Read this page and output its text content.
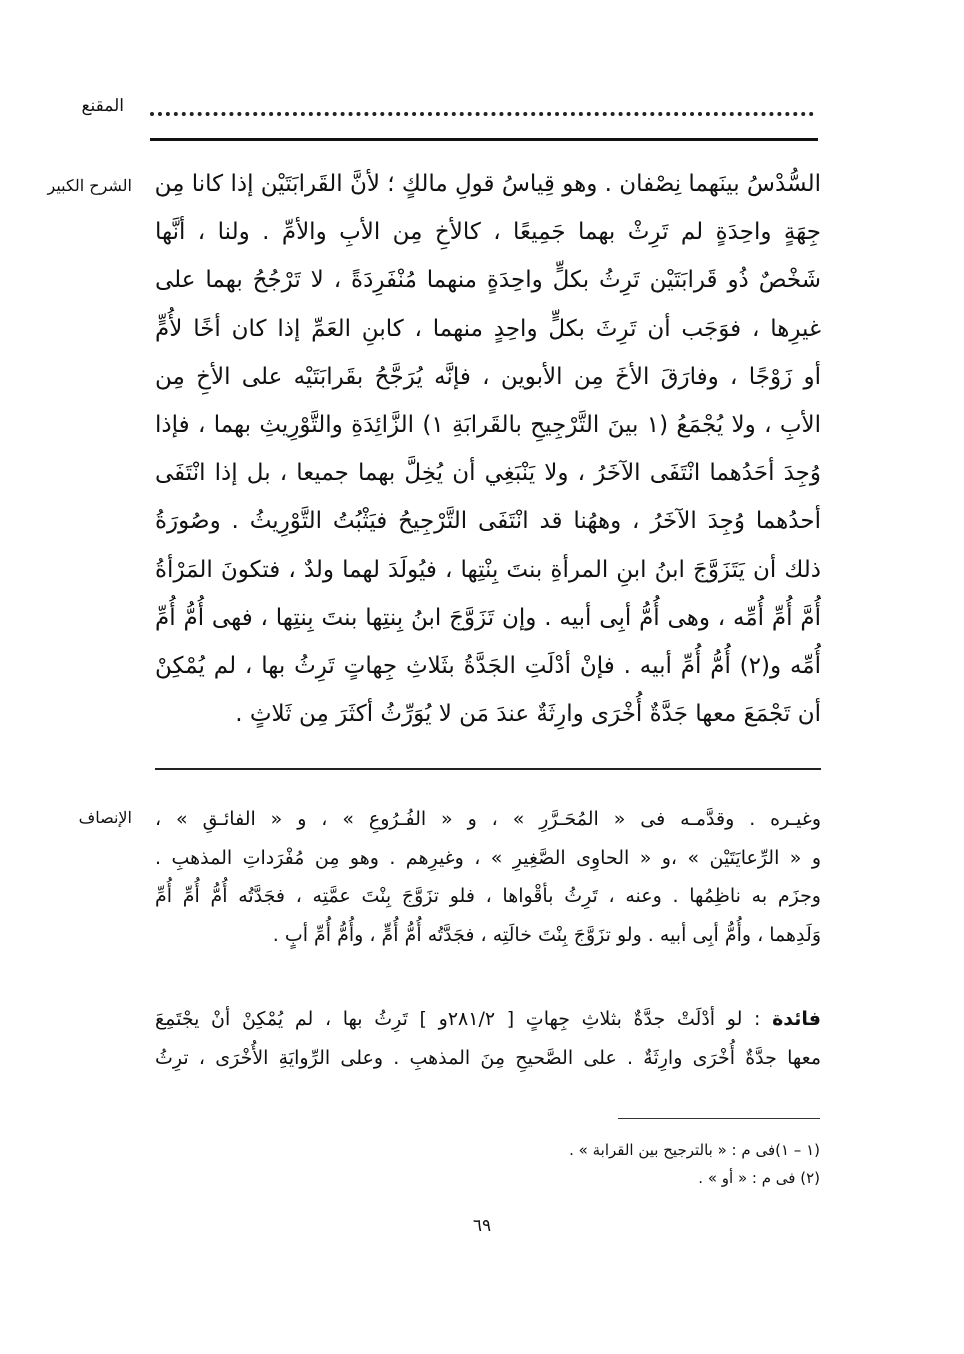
المقنع
الشرح الكبير السُّدْسُ بينَهما نِصْفان . وهو قِياسُ قولِ مالكٍ ؛ لأنَّ القَرابَتَيْن إذا كانا مِن
جِهَةٍ واحِدَةٍ لم تَرِثْ بهما جَمِيعًا ، كالأخِ مِن الأبِ والأمِّ . ولنا ، أنَّها
شَخْصٌ ذُو قَرابَتَيْن تَرِثُ بكلٍّ واحِدَةٍ منهما مُنْفَرِدَةً ، لا تَرْجُحُ بهما على
غيرِها ، فوَجَب أن تَرِثَ بكلٍّ واحِدٍ منهما ، كابنِ العَمِّ إذا كان أخًا لأُمٍّ
أو زَوْجًا ، وفارَقَ الأخَ مِن الأبوين ، فإنَّه يُرَجَّحُ بقَرابَتَيْه على الأخِ مِن
الأبِ ، ولا يُجْمَعُ (١ بينَ التَّرْجِيحِ بالقَرابَةِ ١) الزَّائِدَةِ والتَّوْرِيثِ بهما ، فإذا
وُجِدَ أحَدُهما انْتَفَى الآخَرُ ، ولا يَنْبَغِي أن يُخِلَّ بهما جميعا ، بل إذا انْتَفَى
أحدُهما وُجِدَ الآخَرُ ، وههُنا قد انْتَفَى التَّرْجِيحُ فيَثْبُتُ التَّوْرِيثُ . وصُورَةُ
ذلك أن يَتَزَوَّجَ ابنُ ابنِ المرأةِ بنتَ بِنْتِها ، فيُولَدَ لهما ولدٌ ، فتكونَ المَرْأةُ
أُمَّ أُمِّ أُمِّه ، وهى أُمُّ أبِى أبيه . وإن تَزَوَّجَ ابنُ بِنتِها بنتَ بِنتِها ، فهى أُمُّ أُمِّ
أُمِّه و(٢) أُمُّ أُمِّ أبيه . فإنْ أدْلَتِ الجَدَّةُ بثَلاثِ جِهاتٍ تَرِثُ بها ، لم يُمْكِنْ
أن تَجْمَعَ معها جَدَّةٌ أُخْرَى وارِثَةٌ عندَ مَن لا يُوَرِّثُ أكثَرَ مِن ثَلاثٍ .
الإنصاف وغيـره . وقدَّمـه فى « المُحَـرَّرِ » ، و « الفُـرُوعِ » ، و « الفائـقِ » ،
و « الرِّعايَتَيْن » ،و « الحاوِى الصَّغِيرِ » ، وغيرِهم . وهو مِن مُفْرَداتِ المذهبِ .
وجزَم به ناظِمُها . وعنه ، تَرِثُ بأقْواها ، فلو تزَوَّجَ بِنْتَ عمَّتِه ، فجَدَّتُه أُمُّ أُمِّ أُمِّ
وَلَدِهما ، وأُمُّ أبِى أبيه . ولو تزَوَّجَ بِنْتَ خالَتِه ، فجَدَّتُه أُمُّ أُمٍّ ، وأُمُّ أُمِّ أبٍ .
فائدة : لو أدْلَتْ جدَّةٌ بثلاثِ جِهاتٍ [ ٢٨١/٢و ] تَرِثُ بها ، لم يُمْكِنْ أنْ يجْتَمِعَ
معها جدَّةٌ أُخْرَى وارِثَةٌ . على الصَّحيحِ مِنَ المذهبِ . وعلى الرِّوايَةِ الأُخْرَى ، ترِثُ
(١ – ١)فى م : « بالترجيح بين القرابة » .
(٢) فى م : « أو » .
٦٩
